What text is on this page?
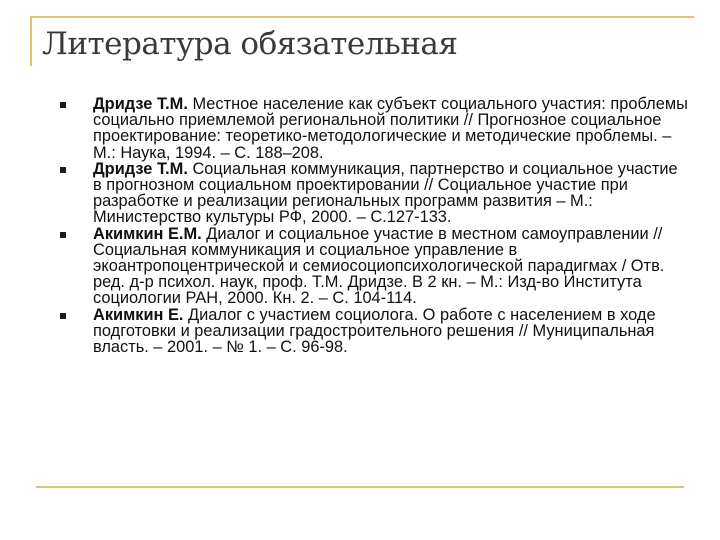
Литература обязательная
Дридзе Т.М. Местное население как субъект социального участия: проблемы социально приемлемой региональной политики // Прогнозное социальное проектирование: теоретико-методологические и методические проблемы. – М.: Наука, 1994. – С. 188–208.
Дридзе Т.М. Социальная коммуникация, партнерство и социальное участие в прогнозном социальном проектировании // Социальное участие при разработке и реализации региональных программ развития – М.: Министерство культуры РФ, 2000. – С.127-133.
Акимкин Е.М. Диалог и социальное участие в местном самоуправлении // Социальная коммуникация и социальное управление в экоантропоцентрической и семиосоциопсихологической парадигмах / Отв. ред. д-р психол. наук, проф. Т.М. Дридзе. В 2 кн. – М.: Изд-во Института социологии РАН, 2000. Кн. 2. – С. 104-114.
Акимкин Е. Диалог с участием социолога. О работе с населением в ходе подготовки и реализации градостроительного решения // Муниципальная власть. – 2001. – № 1. – С. 96-98.
